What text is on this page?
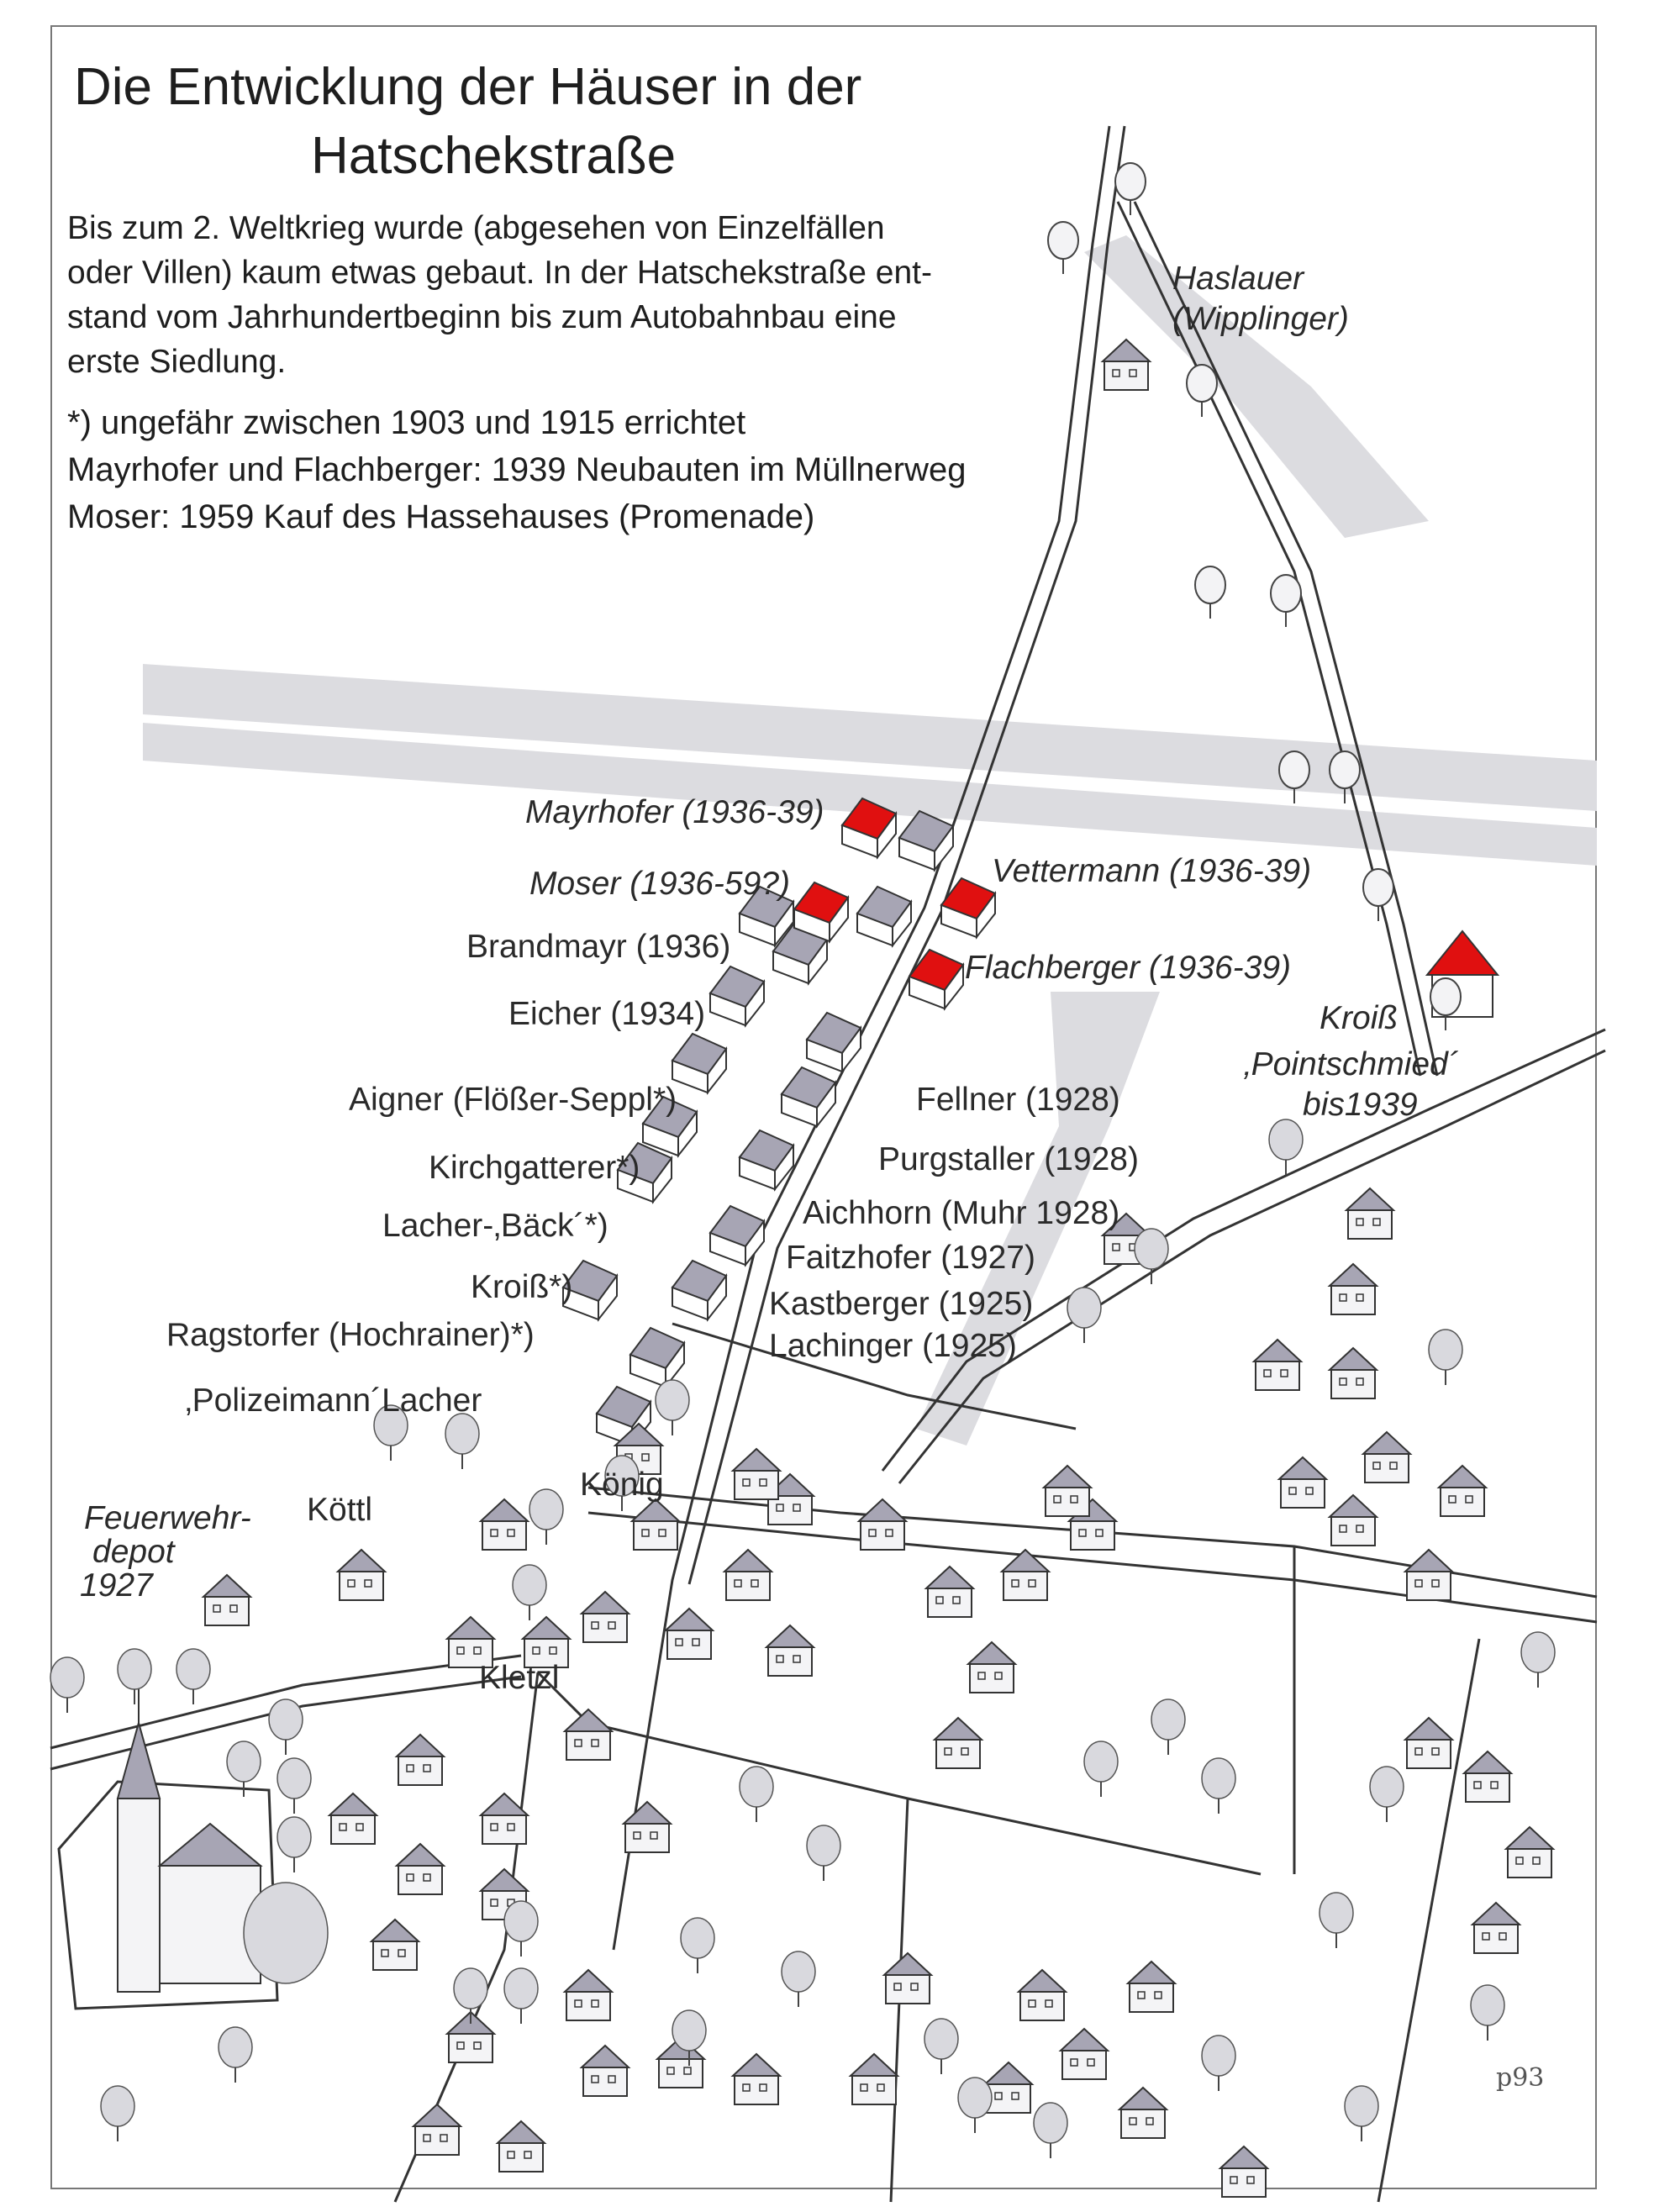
Die Entwicklung der Häuser in der
Hatschekstraße
Bis zum 2. Weltkrieg wurde (abgesehen von Einzelfällen
oder Villen) kaum etwas gebaut. In der Hatschekstraße ent-
stand vom Jahrhundertbeginn bis zum Autobahnbau eine
erste Siedlung.
*) ungefähr zwischen 1903 und 1915 errichtet
Mayrhofer und Flachberger: 1939 Neubauten im Müllnerweg
Moser: 1959 Kauf des Hassehauses (Promenade)
Haslauer
(Wipplinger)
Mayrhofer (1936-39)
Moser (1936-59?)	Vettermann (1936-39)
Brandmayr (1936)
Flachberger (1936-39)
Eicher (1934)	Kroiß
‚Pointschmied´
bis1939
Aigner (Flößer-Seppl*)	Fellner (1928)
Kirchgatterer*)	Purgstaller (1928)
Lacher-‚Bäck´*)	Aichhorn (Muhr 1928)
Faitzhofer (1927)
Kroiß*)	Kastberger (1925)
Ragstorfer (Hochrainer)*)	Lachinger (1925)
‚Polizeimann´Lacher
König
Feuerwehr-
depot
1927
Köttl
Kletzl
p93
